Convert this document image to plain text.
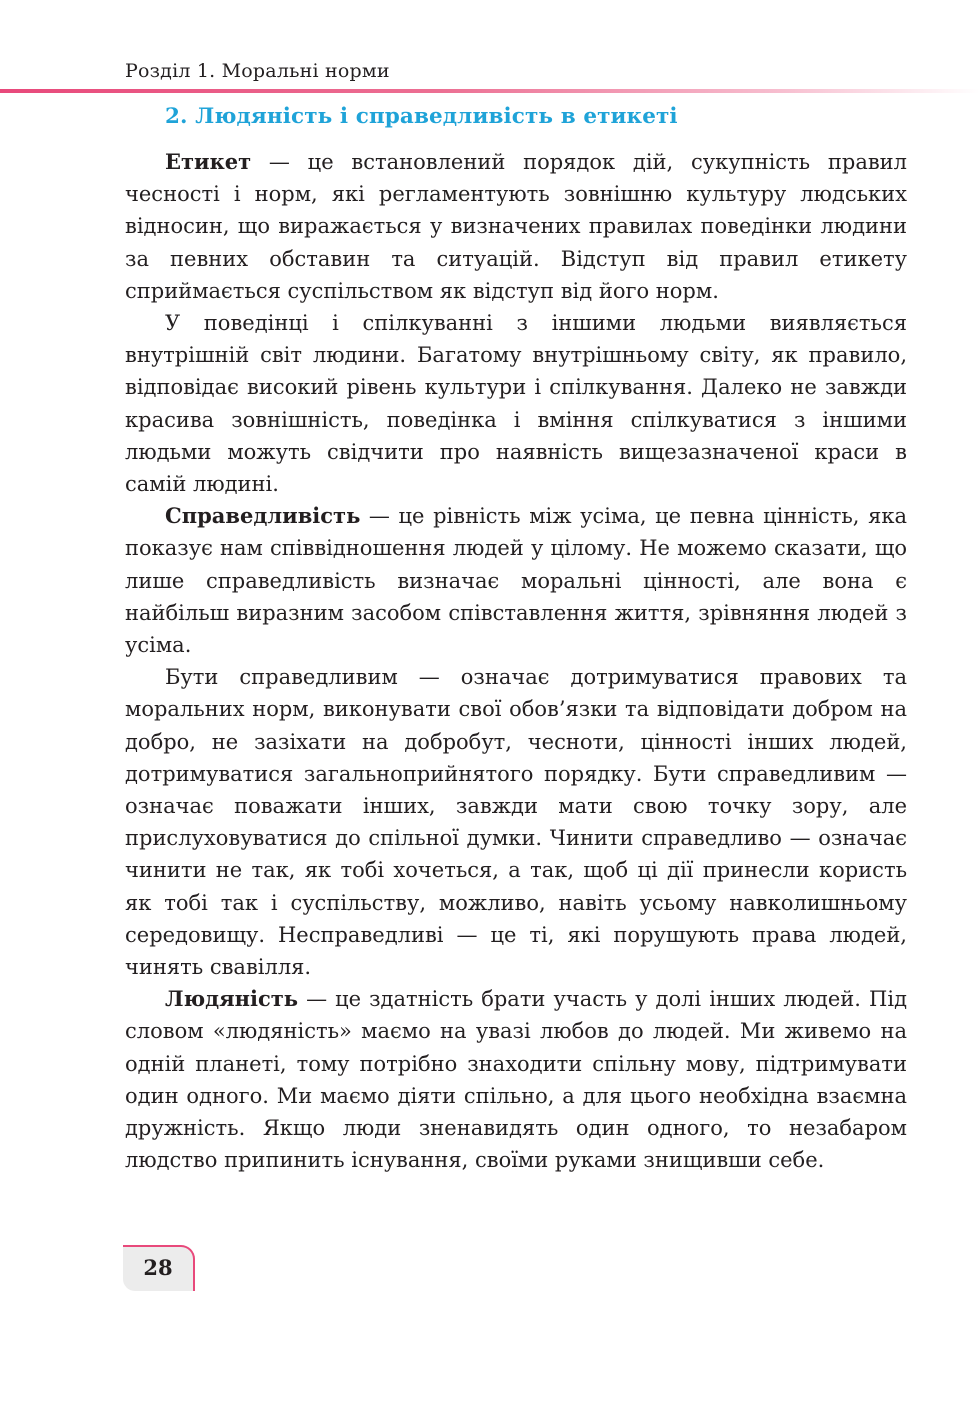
Розділ 1. Моральні норми
2. Людяність і справедливість в етикеті

Етикет — це встановлений порядок дій, сукупність правил чесності і норм, які регламентують зовнішню культуру людських відносин, що виражається у визначених правилах поведінки людини за певних обставин та ситуацій. Відступ від правил етикету сприймається суспільством як відступ від його норм.

У поведінці і спілкуванні з іншими людьми виявляється внутрішній світ людини. Багатому внутрішньому світу, як правило, відповідає високий рівень культури і спілкування. Далеко не завжди красива зовнішність, поведінка і вміння спілкуватися з іншими людьми можуть свідчити про наявність вищезазначеної краси в самій людині.

Справедливість — це рівність між усіма, це певна цінність, яка показує нам співвідношення людей у цілому. Не можемо сказати, що лише справедливість визначає моральні цінності, але вона є найбільш виразним засобом співставлення життя, зрівняння людей з усіма.

Бути справедливим — означає дотримуватися правових та моральних норм, виконувати свої обов’язки та відповідати добром на добро, не зазіхати на добробут, чесноти, цінності інших людей, дотримуватися загальноприйнятого порядку. Бути справедливим — означає поважати інших, завжди мати свою точку зору, але прислуховуватися до спільної думки. Чинити справедливо — означає чинити не так, як тобі хочеться, а так, щоб ці дії принесли користь як тобі так і суспільству, можливо, навіть усьому навколишньому середовищу. Несправедливі — це ті, які порушують права людей, чинять свавілля.

Людяність — це здатність брати участь у долі інших людей. Під словом «людяність» маємо на увазі любов до людей. Ми живемо на одній планеті, тому потрібно знаходити спільну мову, підтримувати один одного. Ми маємо діяти спільно, а для цього необхідна взаємна дружність. Якщо люди зненавидять один одного, то незабаром людство припинить існування, своїми руками знищивши себе.

28
